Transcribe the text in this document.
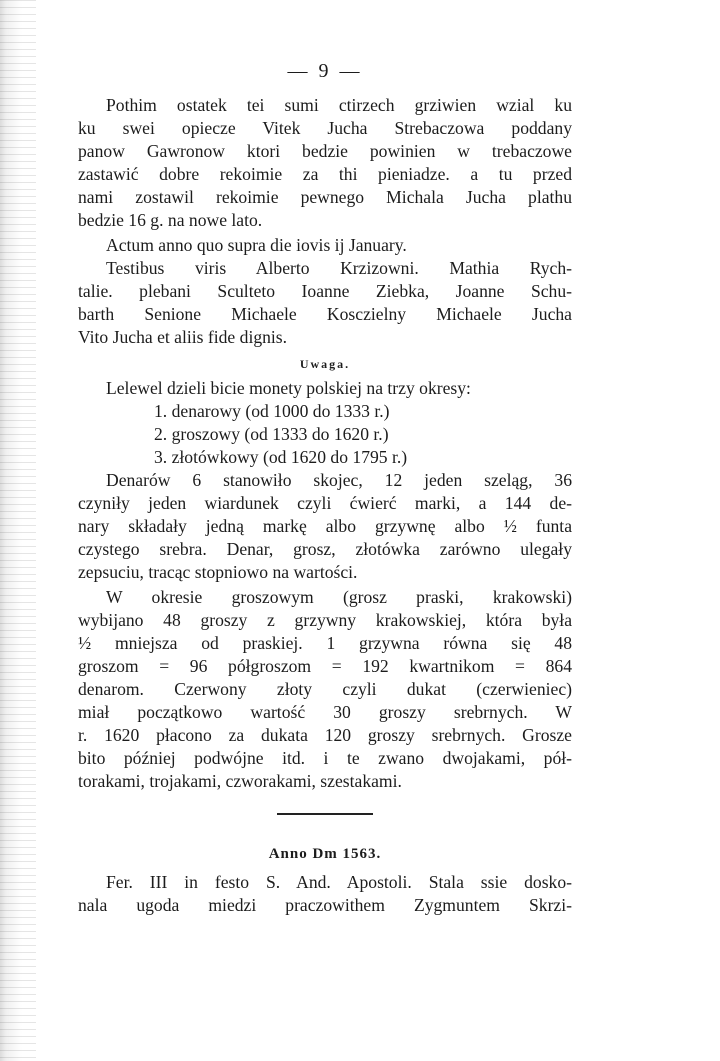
— 9 —
Pothim ostatek tei sumi ctirzech grziwien wzial ku
ku swei opiecze Vitek Jucha Strebaczowa poddany
panow Gawronow ktori bedzie powinien w trebaczowe
zastawić dobre rekoimie za thi pieniadze. a tu przed
nami zostawil rekoimie pewnego Michala Jucha plathu
bedzie 16 g. na nowe lato.
Actum anno quo supra die iovis ij January.
Testibus viris Alberto Krzizowni. Mathia Rych-
talie. plebani Sculteto Ioanne Ziebka, Joanne Schu-
barth Senione Michaele Kosczielny Michaele Jucha
Vito Jucha et aliis fide dignis.
Uwaga.
Lelewel dzieli bicie monety polskiej na trzy okresy:
1. denarowy (od 1000 do 1333 r.)
2. groszowy (od 1333 do 1620 r.)
3. złotówkowy (od 1620 do 1795 r.)
Denarów 6 stanowiło skojec, 12 jeden szeląg, 36
czyniły jeden wiardunek czyli ćwierć marki, a 144 de-
nary składały jedną markę albo grzywnę albo ½ funta
czystego srebra. Denar, grosz, złotówka zarówno ulegały
zepsuciu, tracąc stopniowo na wartości.
W okresie groszowym (grosz praski, krakowski)
wybijano 48 groszy z grzywny krakowskiej, która była
½ mniejsza od praskiej. 1 grzywna równa się 48
groszom = 96 półgroszom = 192 kwartnikom = 864
denarom. Czerwony złoty czyli dukat (czerwieniec)
miał początkowo wartość 30 groszy srebrnych. W
r. 1620 płacono za dukata 120 groszy srebrnych. Grosze
bito później podwójne itd. i te zwano dwojakami, pół-
torakami, trojakami, czworakami, szestakami.
Anno Dm 1563.
Fer. III in festo S. And. Apostoli. Stala ssie dosko-
nala ugoda miedzi praczowithem Zygmuntem Skrzi-
